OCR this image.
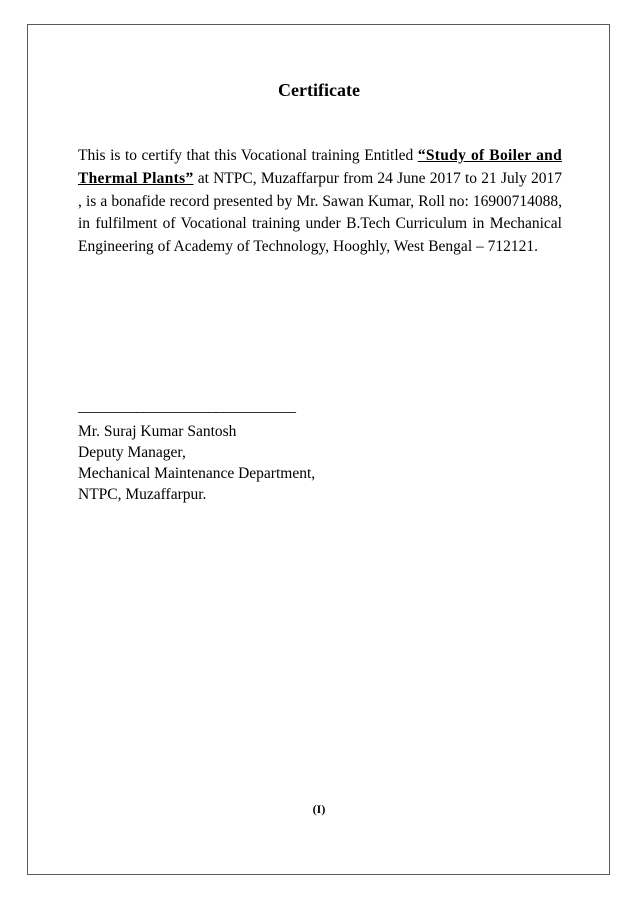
Certificate
This is to certify that this Vocational training Entitled “Study of Boiler and Thermal Plants” at NTPC, Muzaffarpur from 24 June 2017 to 21 July 2017 , is a bonafide record presented by Mr. Sawan Kumar, Roll no: 16900714088, in fulfilment of Vocational training under B.Tech Curriculum in Mechanical Engineering of Academy of Technology, Hooghly, West Bengal – 712121.
______________________________
Mr. Suraj Kumar Santosh
Deputy Manager,
Mechanical Maintenance Department,
NTPC, Muzaffarpur.
(I)
